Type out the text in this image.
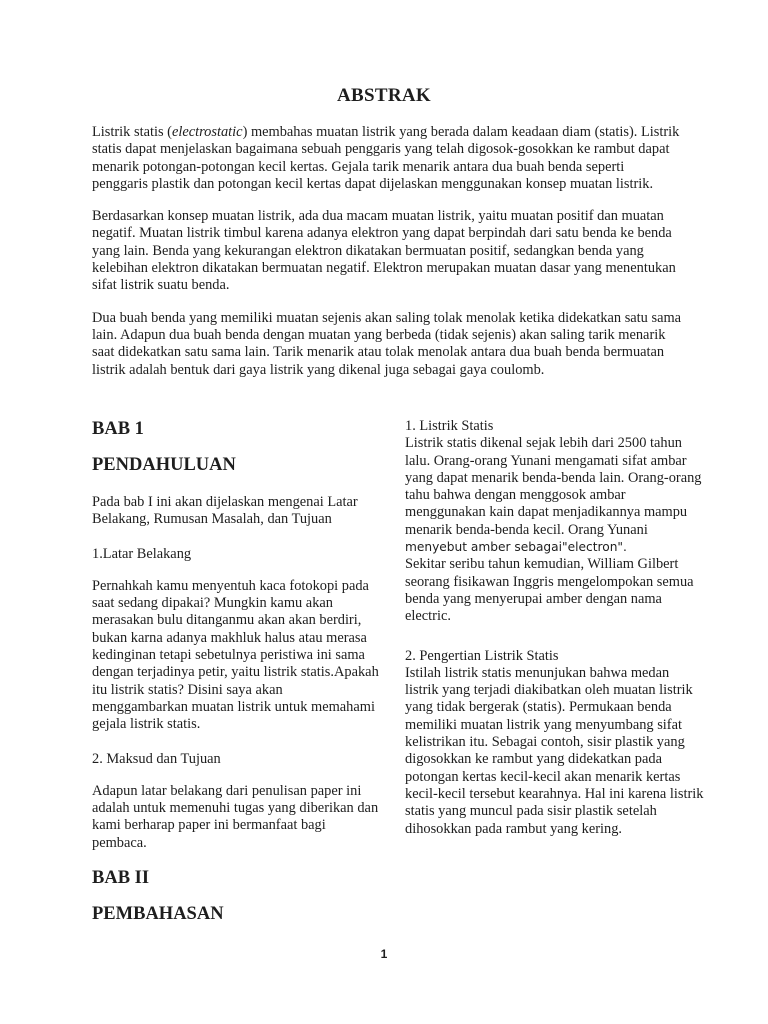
ABSTRAK

Listrik statis (electrostatic) membahas muatan listrik yang berada dalam keadaan diam (statis). Listrik statis dapat menjelaskan bagaimana sebuah penggaris yang telah digosok-gosokkan ke rambut dapat menarik potongan-potongan kecil kertas. Gejala tarik menarik antara dua buah benda seperti penggaris plastik dan potongan kecil kertas dapat dijelaskan menggunakan konsep muatan listrik.

Berdasarkan konsep muatan listrik, ada dua macam muatan listrik, yaitu muatan positif dan muatan negatif. Muatan listrik timbul karena adanya elektron yang dapat berpindah dari satu benda ke benda yang lain. Benda yang kekurangan elektron dikatakan bermuatan positif, sedangkan benda yang kelebihan elektron dikatakan bermuatan negatif. Elektron merupakan muatan dasar yang menentukan sifat listrik suatu benda.

Dua buah benda yang memiliki muatan sejenis akan saling tolak menolak ketika didekatkan satu sama lain. Adapun dua buah benda dengan muatan yang berbeda (tidak sejenis) akan saling tarik menarik saat didekatkan satu sama lain. Tarik menarik atau tolak menolak antara dua buah benda bermuatan listrik adalah bentuk dari gaya listrik yang dikenal juga sebagai gaya coulomb.

BAB 1
PENDAHULUAN
Pada bab I ini akan dijelaskan mengenai Latar Belakang, Rumusan Masalah, dan Tujuan
1.Latar Belakang
Pernahkah kamu menyentuh kaca fotokopi pada saat sedang dipakai? Mungkin kamu akan merasakan bulu ditanganmu akan akan berdiri, bukan karna adanya makhluk halus atau merasa kedinginan tetapi sebetulnya peristiwa ini sama dengan terjadinya petir, yaitu listrik statis.Apakah itu listrik statis? Disini saya akan menggambarkan muatan listrik untuk memahami gejala listrik statis.
2. Maksud dan Tujuan
Adapun latar belakang dari penulisan paper ini adalah untuk memenuhi tugas yang diberikan dan kami berharap paper ini bermanfaat bagi pembaca.
BAB II
PEMBAHASAN
1. Listrik Statis
Listrik statis dikenal sejak lebih dari 2500 tahun lalu. Orang-orang Yunani mengamati sifat ambar yang dapat menarik benda-benda lain. Orang-orang tahu bahwa dengan menggosok ambar menggunakan kain dapat menjadikannya mampu menarik benda-benda kecil. Orang Yunani
menyebut amber sebagai"electron".
Sekitar seribu tahun kemudian, William Gilbert seorang fisikawan Inggris mengelompokan semua benda yang menyerupai amber dengan nama electric.
2. Pengertian Listrik Statis
Istilah listrik statis menunjukan bahwa medan listrik yang terjadi diakibatkan oleh muatan listrik yang tidak bergerak (statis). Permukaan benda memiliki muatan listrik yang menyumbang sifat kelistrikan itu. Sebagai contoh, sisir plastik yang digosokkan ke rambut yang didekatkan pada potongan kertas kecil-kecil akan menarik kertas kecil-kecil tersebut kearahnya. Hal ini karena listrik statis yang muncul pada sisir plastik setelah dihosokkan pada rambut yang kering.
1
